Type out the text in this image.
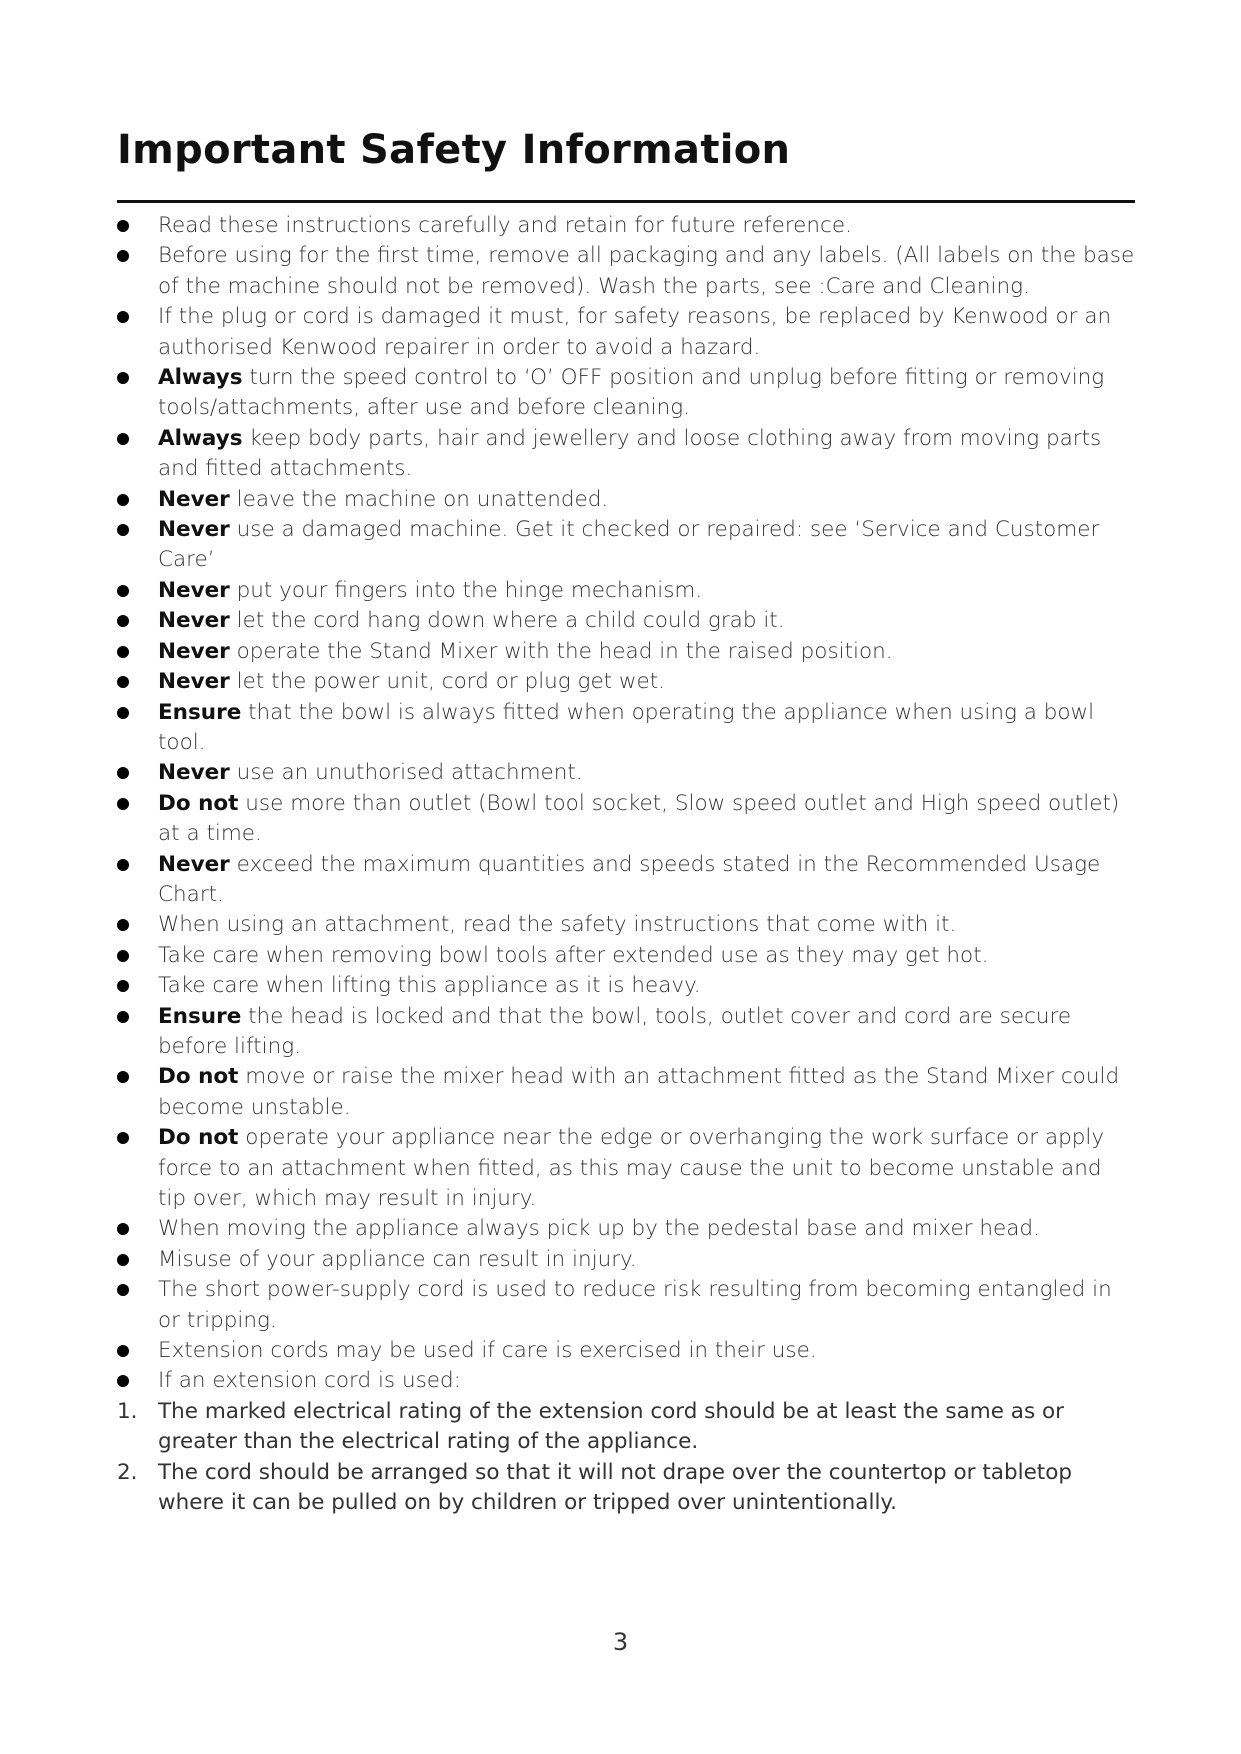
Important Safety Information
Read these instructions carefully and retain for future reference.
Before using for the first time, remove all packaging and any labels. (All labels on the base of the machine should not be removed). Wash the parts, see :Care and Cleaning.
If the plug or cord is damaged it must, for safety reasons, be replaced by Kenwood or an authorised Kenwood repairer in order to avoid a hazard.
Always turn the speed control to ‘O’ OFF position and unplug before fitting or removing tools/attachments, after use and before cleaning.
Always keep body parts, hair and jewellery and loose clothing away from moving parts and fitted attachments.
Never leave the machine on unattended.
Never use a damaged machine. Get it checked or repaired: see ‘Service and Customer Care’
Never put your fingers into the hinge mechanism.
Never let the cord hang down where a child could grab it.
Never operate the Stand Mixer with the head in the raised position.
Never let the power unit, cord or plug get wet.
Ensure that the bowl is always fitted when operating the appliance when using a bowl tool.
Never use an unuthorised attachment.
Do not use more than outlet (Bowl tool socket, Slow speed outlet and High speed outlet) at a time.
Never exceed the maximum quantities and speeds stated in the Recommended Usage Chart.
When using an attachment, read the safety instructions that come with it.
Take care when removing bowl tools after extended use as they may get hot.
Take care when lifting this appliance as it is heavy.
Ensure the head is locked and that the bowl, tools, outlet cover and cord are secure before lifting.
Do not move or raise the mixer head with an attachment fitted as the Stand Mixer could become unstable.
Do not operate your appliance near the edge or overhanging the work surface or apply force to an attachment when fitted, as this may cause the unit to become unstable and tip over, which may result in injury.
When moving the appliance always pick up by the pedestal base and mixer head.
Misuse of your appliance can result in injury.
The short power-supply cord is used to reduce risk resulting from becoming entangled in or tripping.
Extension cords may be used if care is exercised in their use.
If an extension cord is used:
1. The marked electrical rating of the extension cord should be at least the same as or greater than the electrical rating of the appliance.
2. The cord should be arranged so that it will not drape over the countertop or tabletop where it can be pulled on by children or tripped over unintentionally.
3
